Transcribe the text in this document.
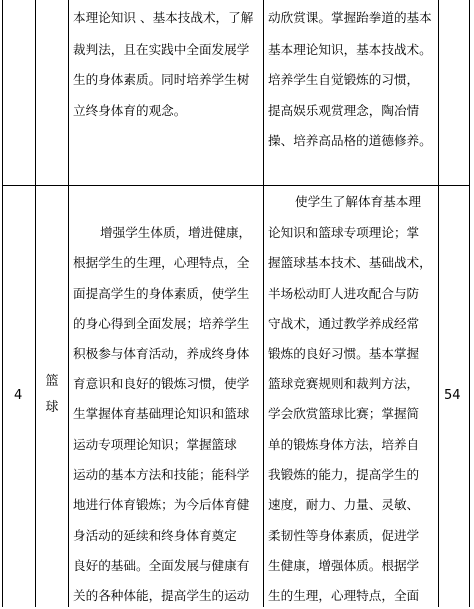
本理论知识 、基本技战术，了解
裁判法，且在实践中全面发展学
生的身体素质。同时培养学生树
立终身体育的观念。
动欣赏课。掌握跆拳道的基本
基本理论知识，基本技战术。
培养学生自觉锻炼的习惯，
提高娱乐观赏理念，陶冶情
操、培养高品格的道德修养。
4
篮
球
增强学生体质，增进健康，
根据学生的生理，心理特点，全
面提高学生的身体素质，使学生
的身心得到全面发展；培养学生
积极参与体育活动，养成终身体
育意识和良好的锻炼习惯，使学
生掌握体育基础理论知识和篮球
运动专项理论知识；掌握篮球
运动的基本方法和技能；能科学
地进行体育锻炼；为今后体育健
身活动的延续和终身体育奠定
良好的基础。全面发展与健康有
关的各种体能，提高学生的运动
使学生了解体育基本理
论知识和篮球专项理论；掌
握篮球基本技术、基础战术，
半场松动盯人进攻配合与防
守战术，通过教学养成经常
锻炼的良好习惯。基本掌握
篮球竞赛规则和裁判方法，
学会欣赏篮球比赛；掌握简
单的锻炼身体方法，培养自
我锻炼的能力，提高学生的
速度，耐力、力量、灵敏、
柔韧性等身体素质，促进学
生健康，增强体质。根据学
生的生理，心理特点，全面
54
